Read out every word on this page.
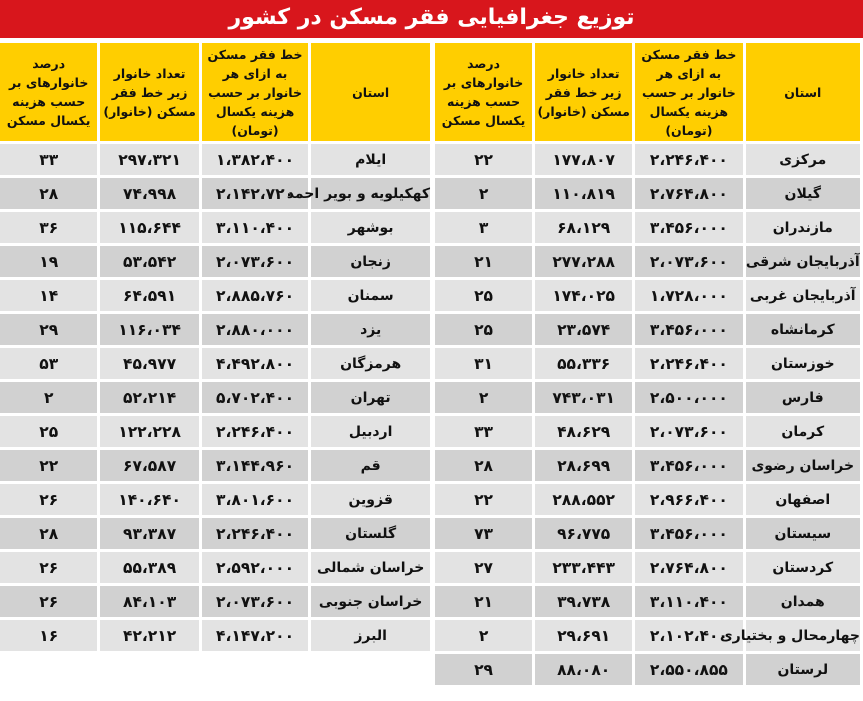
توزیع جغرافیایی فقر مسکن در کشور
استان	خط فقر مسکن به ازای هر خانوار بر حسب هزینه یکسال (تومان)	تعداد خانوار زیر خط فقر مسکن (خانوار)	درصد خانوارهای بر حسب هزینه یکسال مسکن
مرکزی	۲،۲۴۶،۴۰۰	۱۷۷،۸۰۷	۲۲
گیلان	۲،۷۶۴،۸۰۰	۱۱۰،۸۱۹	۲
مازندران	۳،۴۵۶،۰۰۰	۶۸،۱۲۹	۳
آذربایجان شرقی	۲،۰۷۳،۶۰۰	۲۷۷،۲۸۸	۲۱
آذربایجان غربی	۱،۷۲۸،۰۰۰	۱۷۴،۰۲۵	۲۵
کرمانشاه	۳،۴۵۶،۰۰۰	۲۳،۵۷۴	۲۵
خوزستان	۲،۲۴۶،۴۰۰	۵۵،۳۳۶	۳۱
فارس	۲،۵۰۰،۰۰۰	۷۴۳،۰۳۱	۲
کرمان	۲،۰۷۳،۶۰۰	۴۸،۶۲۹	۳۳
خراسان رضوی	۳،۴۵۶،۰۰۰	۲۸،۶۹۹	۲۸
اصفهان	۲،۹۶۶،۴۰۰	۲۸۸،۵۵۲	۲۲
سیستان	۳،۴۵۶،۰۰۰	۹۶،۷۷۵	۷۳
کردستان	۲،۷۶۴،۸۰۰	۲۳۳،۴۴۳	۲۷
همدان	۳،۱۱۰،۴۰۰	۳۹،۷۳۸	۲۱
چهارمحال و بختیاری	۲،۱۰۲،۴۰۰	۲۹،۶۹۱	۲
لرستان	۲،۵۵۰،۸۵۵	۸۸،۰۸۰	۲۹
استان	خط فقر مسکن به ازای هر خانوار بر حسب هزینه یکسال (تومان)	تعداد خانوار زیر خط فقر مسکن (خانوار)	درصد خانوارهای بر حسب هزینه یکسال مسکن
ایلام	۱،۳۸۲،۴۰۰	۲۹۷،۳۲۱	۳۳
کهکیلویه و بویر احمد	۲،۱۴۲،۷۲۰	۷۴،۹۹۸	۲۸
بوشهر	۳،۱۱۰،۴۰۰	۱۱۵،۶۴۴	۳۶
زنجان	۲،۰۷۳،۶۰۰	۵۳،۵۴۲	۱۹
سمنان	۲،۸۸۵،۷۶۰	۶۴،۵۹۱	۱۴
یزد	۲،۸۸۰،۰۰۰	۱۱۶،۰۳۴	۲۹
هرمزگان	۴،۴۹۲،۸۰۰	۴۵،۹۷۷	۵۳
تهران	۵،۷۰۲،۴۰۰	۵۲،۲۱۴	۲
اردبیل	۲،۲۴۶،۴۰۰	۱۲۲،۲۲۸	۲۵
قم	۳،۱۴۴،۹۶۰	۶۷،۵۸۷	۲۲
قزوین	۳،۸۰۱،۶۰۰	۱۴۰،۶۴۰	۲۶
گلستان	۲،۲۴۶،۴۰۰	۹۳،۳۸۷	۲۸
خراسان شمالی	۲،۵۹۲،۰۰۰	۵۵،۳۸۹	۲۶
خراسان جنوبی	۲،۰۷۳،۶۰۰	۸۴،۱۰۳	۲۶
البرز	۴،۱۴۷،۲۰۰	۴۲،۲۱۲	۱۶
